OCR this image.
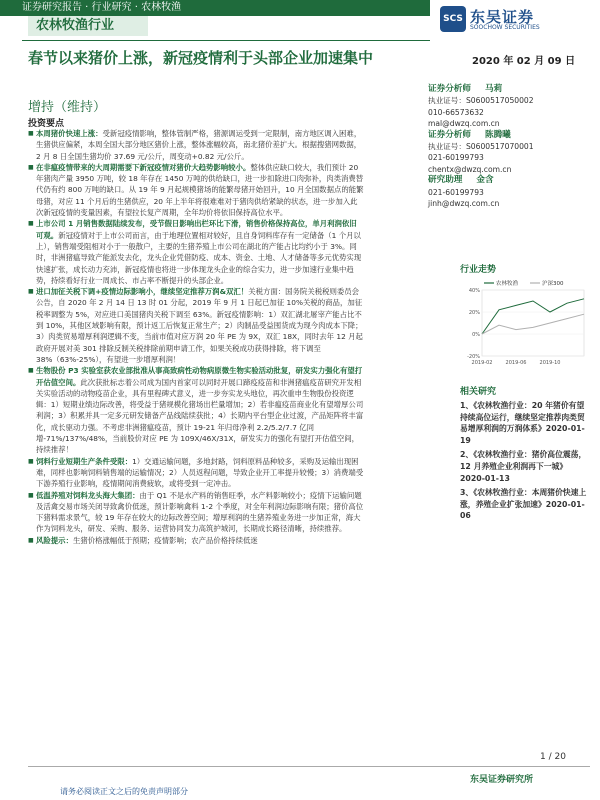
证券研究报告 · 行业研究 · 农林牧渔
农林牧渔行业	SCS 东吴证券
SOOCHOW SECURITIES
春节以来猪价上涨，新冠疫情利于头部企业加速集中
增持（维持）
2020 年 02 月 09 日
投资要点
■ 本周猪价快速上涨：受新冠疫情影响，整体管制严格，猪源调运受到一定限制，南方地区调入困难，生猪供应偏紧，本周全国大部分地区猪价上涨，整体涨幅较高，南北猪价差扩大。根据搜猪网数据，2 月 8 日全国生猪均价 37.69 元/公斤，周变动+0.82 元/公斤。
■ 在非瘟疫情带来的大周期需要下新冠疫情对猪价大趋势影响较小。整体供应缺口较大，我们预计 20 年猪肉产量 3950 万吨，较 18 年存在 1450 万吨的供给缺口，进一步扣除进口肉弥补，肉类消费替代仍有约 800 万吨的缺口。从 19 年 9 月起规模猪场的能繁母猪开始回升，10 月全国数据点的能繁母猪，对应 11 个月后的生猪供应，20 年上半年将很难难对于猪肉供给紧缺的状态，进一步加入此次新冠疫情的变量因素，有望拉长复产周期，全年均价将依旧保持高位水平。
■ 上市公司 1 月销售数据陆续发布，受节假日影响出栏环比下滑，销售价格保持高位，单月利润依旧可观。新冠疫情对于上市公司而言，由于地理位置相对较好，且自身饲料库存有一定储备（1 个月以上），销售端受阻相对小于一般散户，主要的生猪养殖上市公司在湖北的产能占比均约小于 3%。同时，非洲猪瘟导致产能派发去化，龙头企业凭借防疫、成本、资金、土地、人才储备等多元优势实现快速扩张，成长动力充沛，新冠疫情也将进一步体现龙头企业的综合实力，进一步加速行业集中趋势，持续看好行业一周成长、市占率不断提升的头部企业。
■ 进口加征关税下调+疫情边际影响小，继续坚定推荐万润&双汇！关税方面：国务院关税税则委员会公告，自 2020 年 2 月 14 日 13 时 01 分起，2019 年 9 月 1 日起已加征 10%关税的商品，加征税率调整为 5%，对应进口美国猪肉关税下调至 63%。新冠疫情影响：1）双汇湖北屠宰产能占比不到 10%，其他区域影响有限，预计返工后恢复正常生产；2）肉制品受益囤货成为现今肉成本下降；3）肉类贸易增厚利润逻辑不变，当前市值对应万润 20 年 PE 为 9X，双汇 18X，同时去年 12 月起政府开展对美 301 排除反制关税排除前期申请工作，如果关税成功获得排除，将下调至 38%（63%-25%），有望进一步增厚利润！
■ 生物股份 P3 实验室获农业部批准从事高致病性动物病原微生物实验活动批复，研发实力强化有望打开估值空间。此次获批标志着公司成为国内首家可以同时开展口蹄疫疫苗和非洲猪瘟疫苗研究开发相关实验活动的动物疫苗企业，具有里程碑式意义，进一步夯实龙头地位，再次重申生物股份投资逻辑：1）短期业绩边际改善，将受益于猪规模化猪场出栏量增加；2）若非瘟疫苗商业化有望增厚公司利润；3）积累并具一定多元研发储备产品线陆续获批；4）长期内平台型企业过渡，产品矩阵将丰富化，成长驱动力强。不考虑非洲猪瘟疫苗，预计 19-21 年归母净利 2.2/5.2/7.7 亿同增-71%/137%/48%，当前股价对应 PE 为 109X/46X/31X，研发实力的强化有望打开估值空间，持续推荐！
■ 饲料行业短期生产条件受限：1）交通运输问题，多地封路，饲料原料品种较多，采购及运输出现困难，同样也影响饲料销售端的运输情况；2）人员返程问题，导致企业开工率提升较慢；3）消费端受下游养殖行业影响，疫情期间消费疲软，或将受到一定冲击。
■ 低温养殖对饲料龙头海大集团：由于 Q1 不是水产料的销售旺季，水产料影响较小；疫情下运输问题及活禽交易市场关闭导致禽价低迷，预计影响禽料 1-2 个季度，对全年利润边际影响有限；猪价高位下猪料需求景气，较 19 年存在较大的边际改善空间；增厚利润的生猪养殖业务进一步加正常，海大作为饲料龙头，研发、采购、服务、运营协同发力高筑护城河，长期成长路径清晰，持续推荐。
■ 风险提示：生猪价格涨幅低于预期；疫情影响；农产品价格持续低迷
证券分析师 马莉
执业证号：S0600517050002
010-66573632
mal@dwzq.com.cn
证券分析师 陈腾曦
执业证号：S0600517070001
021-60199793
chentx@dwzq.com.cn
研究助理 金含
021-60199793
jinh@dwzq.com.cn
行业走势
40%
20%
0%
-20%
2019-02	2019-06	2019-10
农林牧渔	沪深300
相关研究
1、《农林牧渔行业：20 年猪价有望持续高位运行，继续坚定推荐肉类贸易增厚利润的万润体系》2020-01-19
2、《农林牧渔行业：猪价高位震荡，12 月养殖企业利润再下一城》2020-01-13
3、《农林牧渔行业：本周猪价快速上涨，养殖企业扩张加速》2020-01-06
1 / 20
东吴证券研究所
请务必阅读正文之后的免责声明部分
